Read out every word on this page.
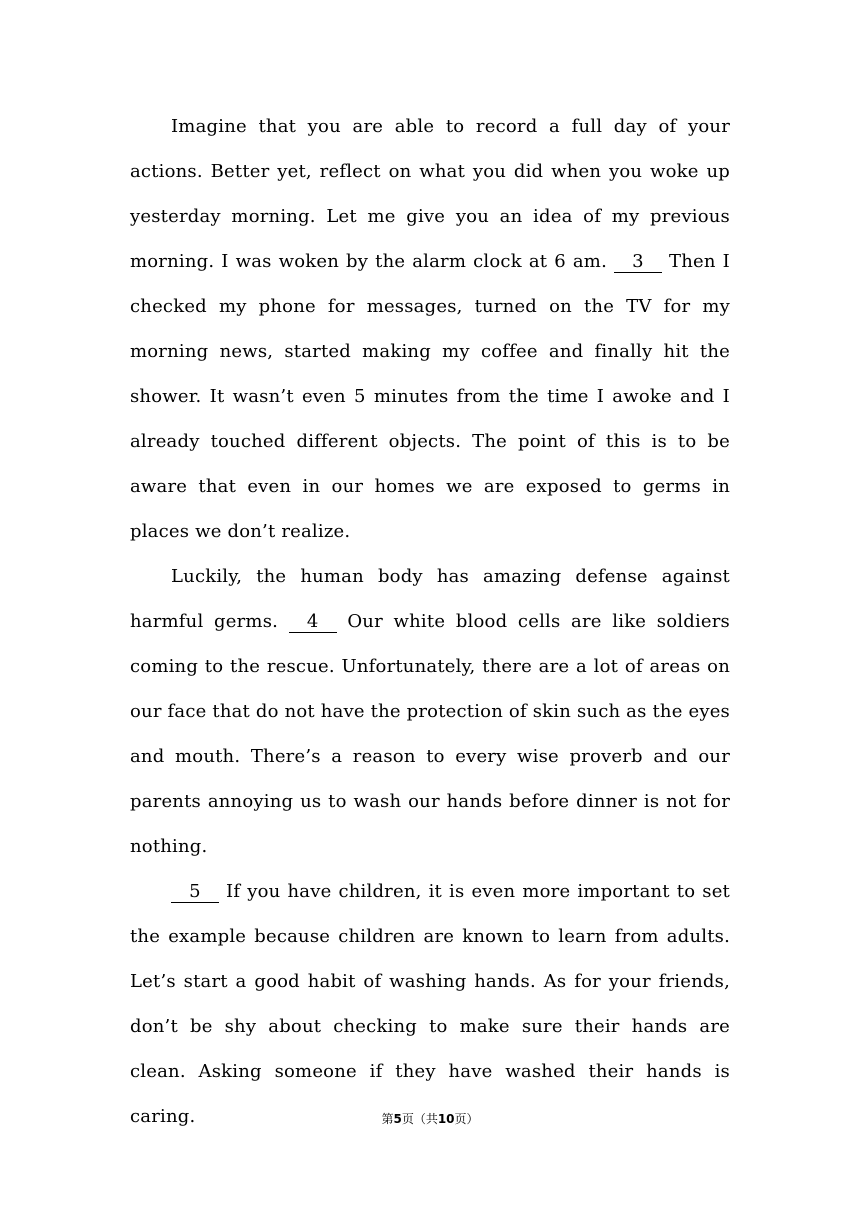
Imagine that you are able to record a full day of your actions. Better yet, reflect on what you did when you woke up yesterday morning. Let me give you an idea of my previous morning. I was woken by the alarm clock at 6 am. 3 Then I checked my phone for messages, turned on the TV for my morning news, started making my coffee and finally hit the shower. It wasn’t even 5 minutes from the time I awoke and I already touched different objects. The point of this is to be aware that even in our homes we are exposed to germs in places we don’t realize.

Luckily, the human body has amazing defense against harmful germs. 4 Our white blood cells are like soldiers coming to the rescue. Unfortunately, there are a lot of areas on our face that do not have the protection of skin such as the eyes and mouth. There’s a reason to every wise proverb and our parents annoying us to wash our hands before dinner is not for nothing.

5 If you have children, it is even more important to set the example because children are known to learn from adults. Let’s start a good habit of washing hands. As for your friends, don’t be shy about checking to make sure their hands are clean. Asking someone if they have washed their hands is caring.	第5页（共10页）
